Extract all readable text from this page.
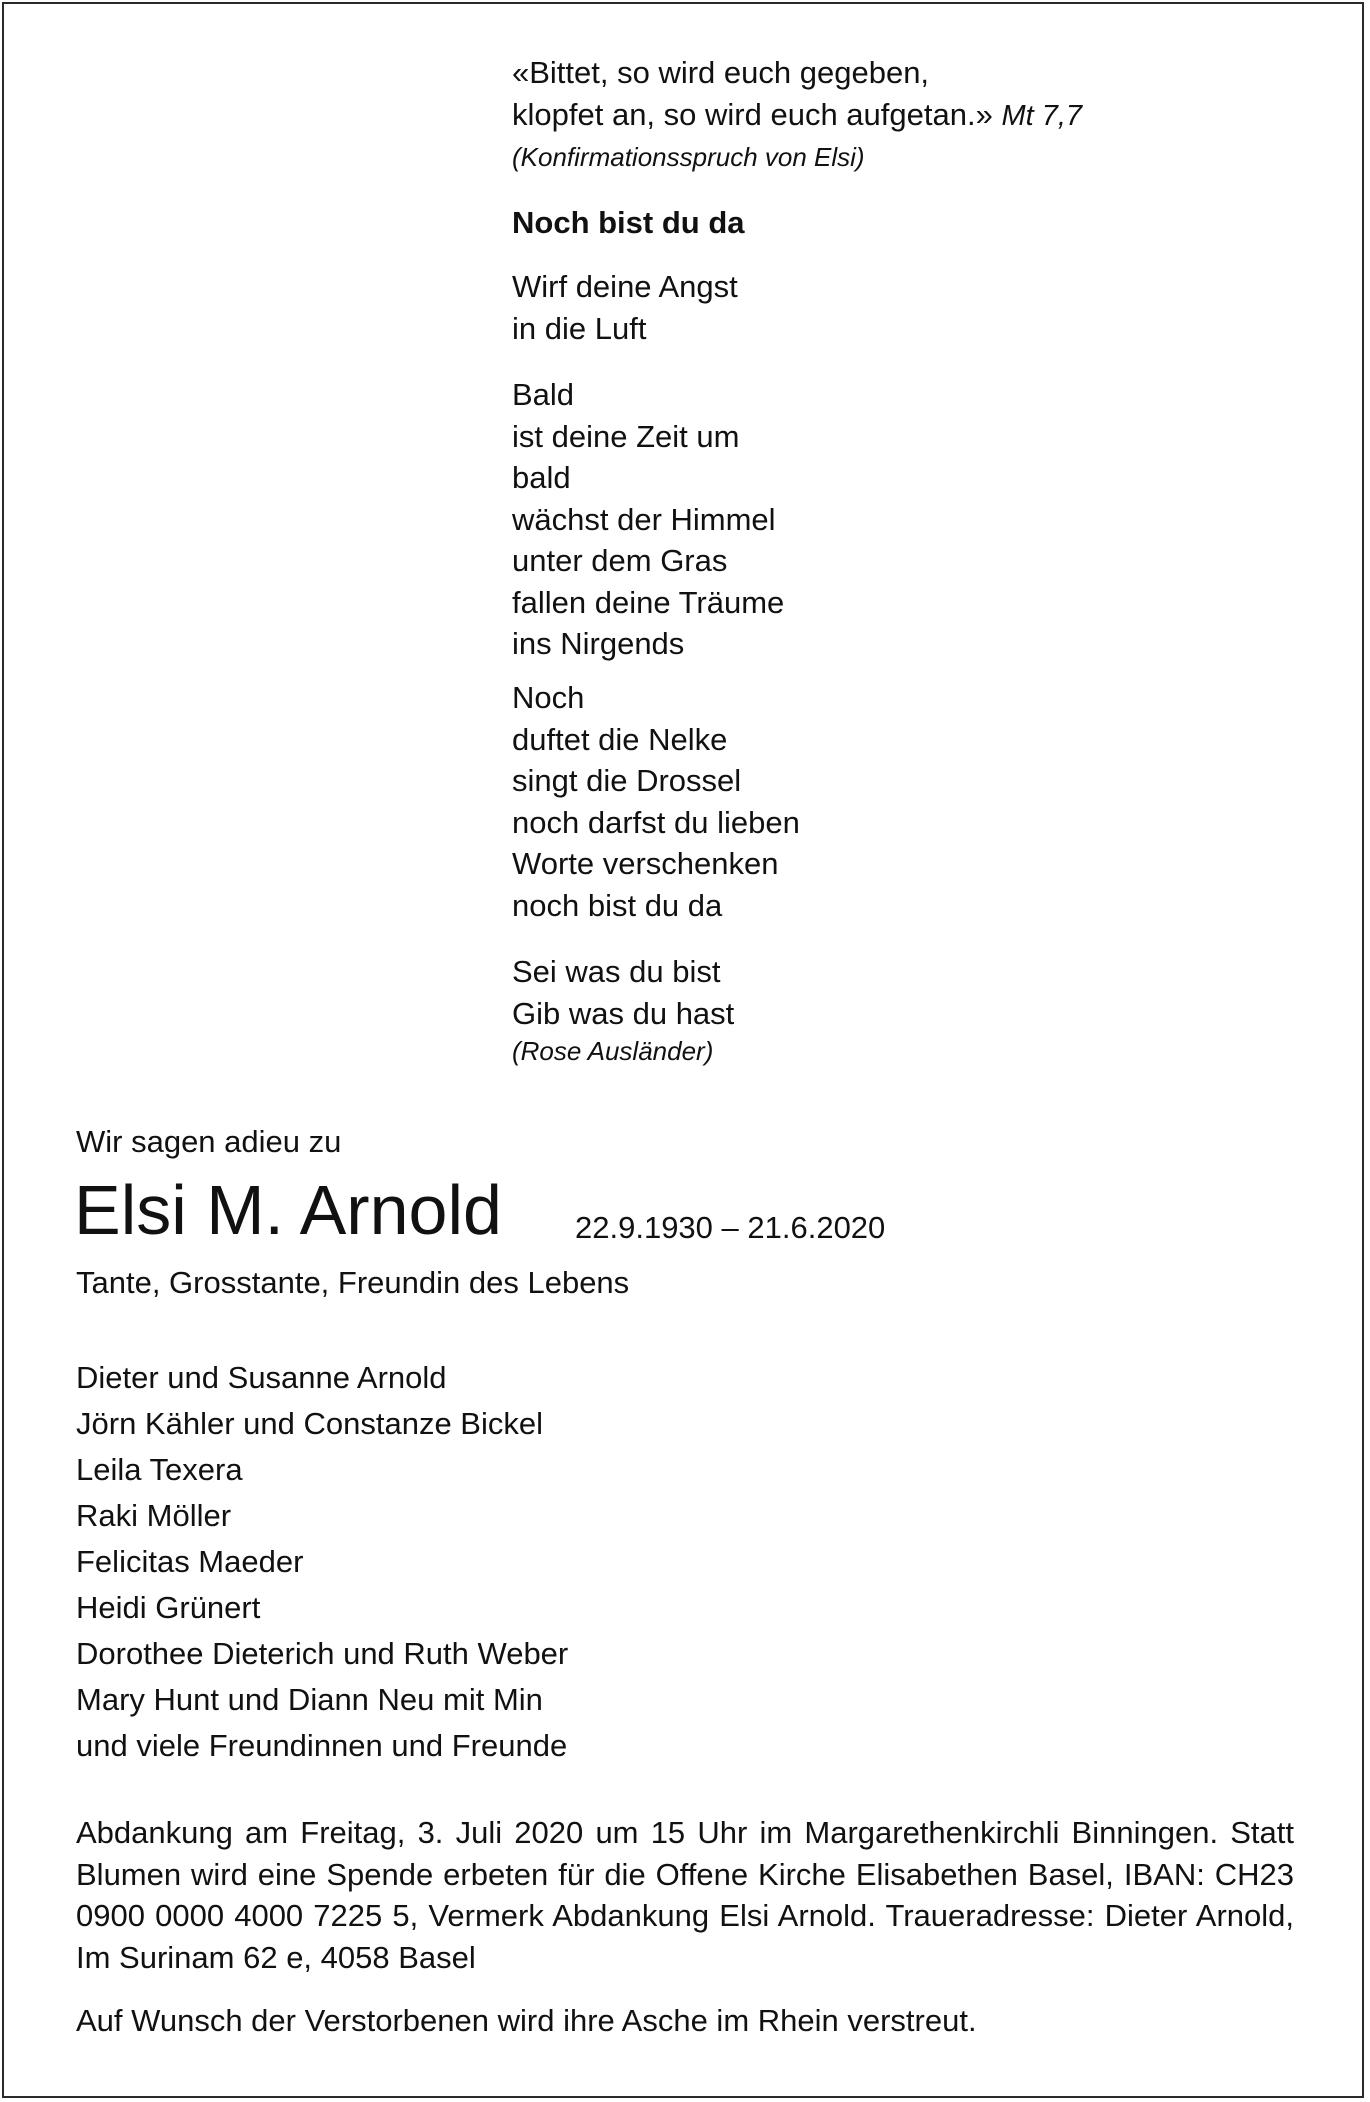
«Bittet, so wird euch gegeben,
klopfet an, so wird euch aufgetan.» Mt 7,7
(Konfirmationsspruch von Elsi)
Noch bist du da
Wirf deine Angst
in die Luft
Bald
ist deine Zeit um
bald
wächst der Himmel
unter dem Gras
fallen deine Träume
ins Nirgends
Noch
duftet die Nelke
singt die Drossel
noch darfst du lieben
Worte verschenken
noch bist du da
Sei was du bist
Gib was du hast
(Rose Ausländer)
Wir sagen adieu zu
Elsi M. Arnold 22.9.1930 – 21.6.2020
Tante, Grosstante, Freundin des Lebens
Dieter und Susanne Arnold
Jörn Kähler und Constanze Bickel
Leila Texera
Raki Möller
Felicitas Maeder
Heidi Grünert
Dorothee Dieterich und Ruth Weber
Mary Hunt und Diann Neu mit Min
und viele Freundinnen und Freunde
Abdankung am Freitag, 3. Juli 2020 um 15 Uhr im Margarethenkirchli Binningen. Statt Blumen wird eine Spende erbeten für die Offene Kirche Elisabethen Basel, IBAN: CH23 0900 0000 4000 7225 5, Vermerk Abdankung Elsi Arnold. Traueradresse: Dieter Arnold, Im Surinam 62 e, 4058 Basel
Auf Wunsch der Verstorbenen wird ihre Asche im Rhein verstreut.
